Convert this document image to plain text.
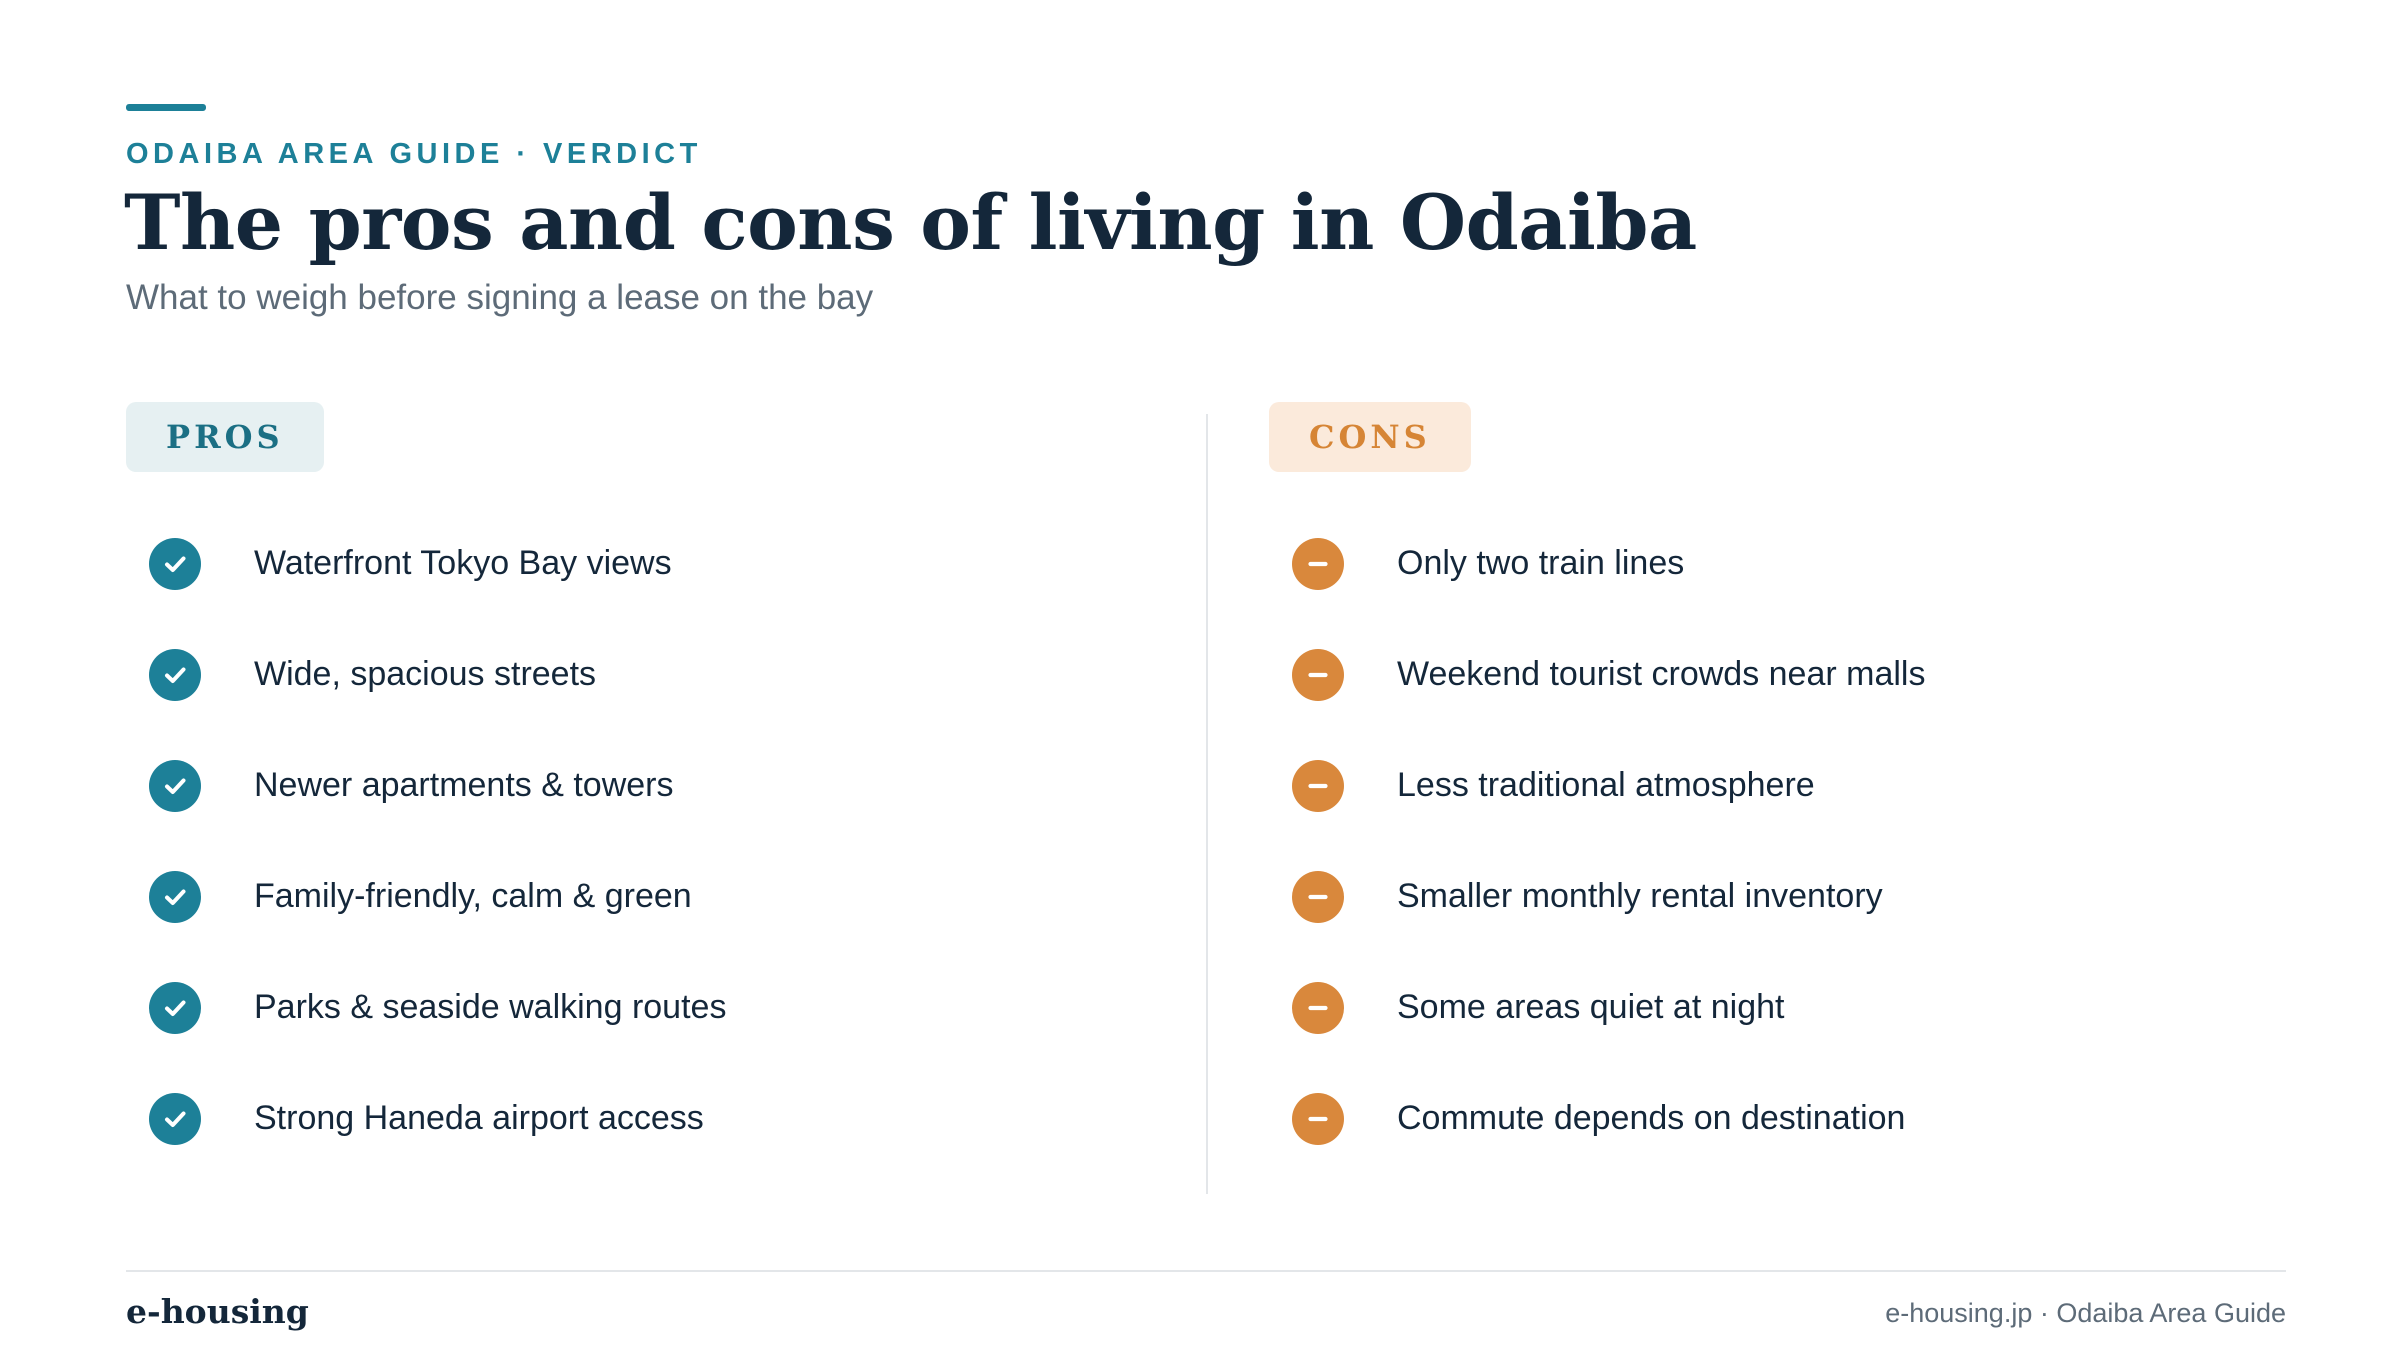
ODAIBA AREA GUIDE · VERDICT
The pros and cons of living in Odaiba
What to weigh before signing a lease on the bay
PROS
Waterfront Tokyo Bay views
Wide, spacious streets
Newer apartments & towers
Family-friendly, calm & green
Parks & seaside walking routes
Strong Haneda airport access
CONS
Only two train lines
Weekend tourist crowds near malls
Less traditional atmosphere
Smaller monthly rental inventory
Some areas quiet at night
Commute depends on destination
e-housing	e-housing.jp · Odaiba Area Guide
